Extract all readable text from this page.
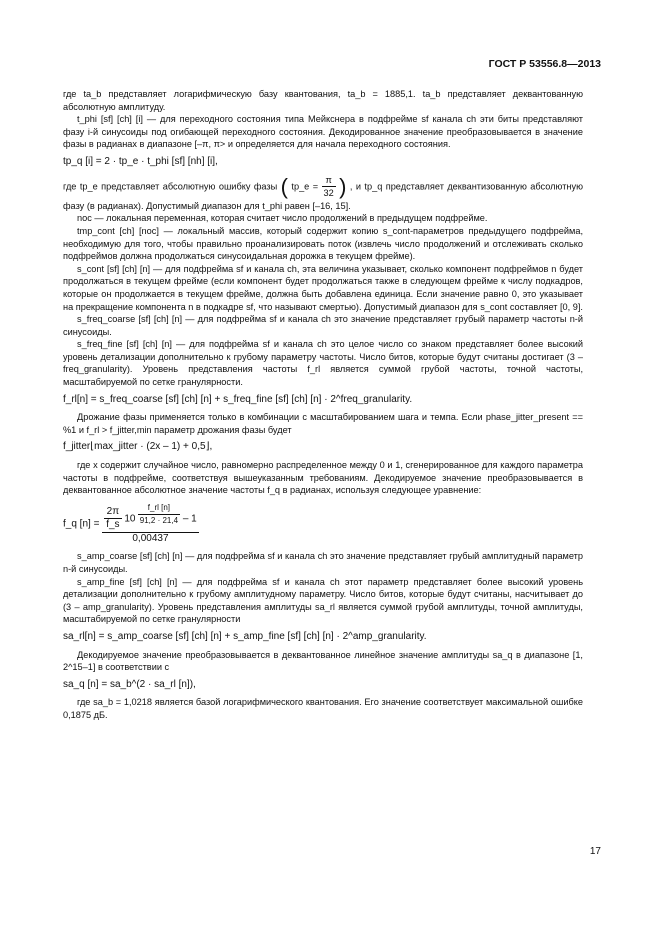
ГОСТ Р 53556.8—2013

где ta_b представляет логарифмическую базу квантования, ta_b = 1885,1. ta_b представляет деквантованную абсолютную амплитуду.

t_phi [sf] [ch] [i] — для переходного состояния типа Мейкснера в подфрейме sf канала ch эти биты представляют фазу i-й синусоиды под огибающей переходного состояния. Декодированное значение преобразовывается в значение фазы в радианах в диапазоне [–π, π> и определяется для начала переходного состояния.

tp_q [i] = 2 · tp_e · t_phi [sf] [nh] [i],

где tp_e представляет абсолютную ошибку фазы ( tp_e = $\frac{\pi}{32}$ ) , и tp_q представляет деквантизованную абсолютную фазу (в радианах). Допустимый диапазон для t_phi равен [–16, 15].

noc — локальная переменная, которая считает число продолжений в предыдущем подфрейме.

tmp_cont [ch] [noc] — локальный массив, который содержит копию s_cont-параметров предыдущего подфрейма, необходимую для того, чтобы правильно проанализировать поток (извлечь число продолжений и отслеживать сколько подфреймов должна продолжаться синусоидальная дорожка в текущем фрейме).

s_cont [sf] [ch] [n] — для подфрейма sf и канала ch, эта величина указывает, сколько компонент подфреймов n будет продолжаться в текущем фрейме (если компонент будет продолжаться также в следующем фрейме к числу подкадров, которые он продолжается в текущем фрейме, должна быть добавлена единица. Если значение равно 0, это указывает на прекращение компонента n в подкадре sf, что называют смертью). Допустимый диапазон для s_cont составляет [0, 9].

s_freq_coarse [sf] [ch] [n] — для подфрейма sf и канала ch это значение представляет грубый параметр частоты n-й синусоиды.

s_freq_fine [sf] [ch] [n] — для подфрейма sf и канала ch это целое число со знаком представляет более высокий уровень детализации дополнительно к грубому параметру частоты. Число битов, которые будут считаны достигает (3 – freq_granularity). Уровень представления частоты f_rl является суммой грубой частоты, точной частоты, масштабируемой по сетке гранулярности.

f_rl[n] = s_freq_coarse [sf] [ch] [n] + s_freq_fine [sf] [ch] [n] · 2^freq_granularity.

Дрожание фазы применяется только в комбинации с масштабированием шага и темпа. Если phase_jitter_present == %1 и f_rl > f_jitter,min параметр дрожания фазы будет

f_jitter⌊max_jitter · (2x – 1) + 0,5⌋,

где x содержит случайное число, равномерно распределенное между 0 и 1, сгенерированное для каждого параметра частоты в подфрейме, соответствуя вышеуказанным требованиям. Декодируемое значение преобразовывается в деквантованное абсолютное значение частоты f_q в радианах, используя следующее уравнение:

f_q $[n] = \frac{2\pi}{f\_s} 10$ $^{\frac{f\_rl [n]}{91,2 \cdot 21,4}}$ – 1
0,00437

s_amp_coarse [sf] [ch] [n] — для подфрейма sf и канала ch это значение представляет грубый амплитудный параметр n-й синусоиды.

s_amp_fine [sf] [ch] [n] — для подфрейма sf и канала ch этот параметр представляет более высокий уровень детализации дополнительно к грубому амплитудному параметру. Число битов, которые будут считаны, насчитывает до (3 – amp_granularity). Уровень представления амплитуды sa_rl является суммой грубой амплитуды, точной амплитуды, масштабируемой по сетке гранулярности

sa_rl[n] = s_amp_coarse [sf] [ch] [n] + s_amp_fine [sf] [ch] [n] · 2^amp_granularity.

Декодируемое значение преобразовывается в деквантованное линейное значение амплитуды sa_q в диапазоне [1, 2^15–1] в соответствии с

sa_q [n] = sa_b^(2 · sa_rl [n]),

где sa_b = 1,0218 является базой логарифмического квантования. Его значение соответствует максимальной ошибке 0,1875 дБ.

17
